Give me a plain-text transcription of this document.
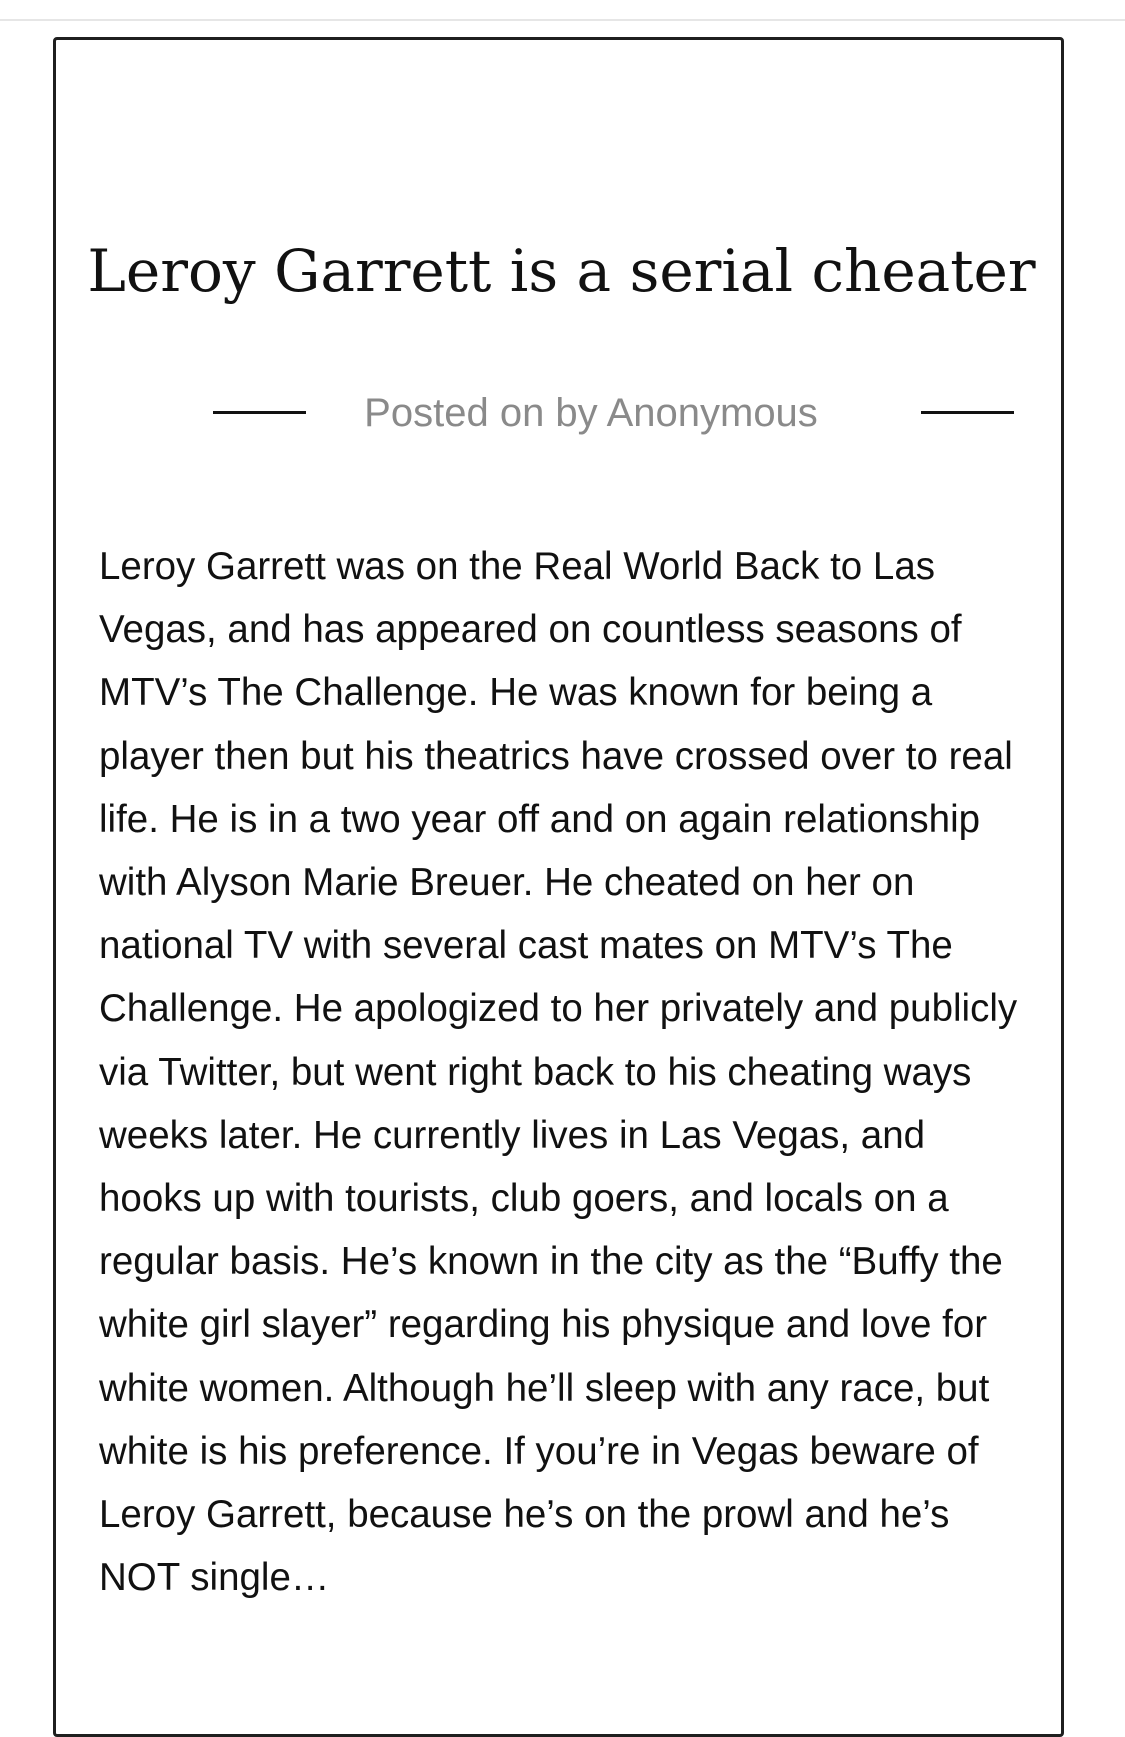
Leroy Garrett is a serial cheater
Posted on by Anonymous

Leroy Garrett was on the Real World Back to Las Vegas, and has appeared on countless seasons of MTV’s The Challenge. He was known for being a player then but his theatrics have crossed over to real life. He is in a two year off and on again relationship with Alyson Marie Breuer. He cheated on her on national TV with several cast mates on MTV’s The Challenge. He apologized to her privately and publicly via Twitter, but went right back to his cheating ways weeks later. He currently lives in Las Vegas, and hooks up with tourists, club goers, and locals on a regular basis. He’s known in the city as the “Buffy the white girl slayer” regarding his physique and love for white women. Although he’ll sleep with any race, but white is his preference. If you’re in Vegas beware of Leroy Garrett, because he’s on the prowl and he’s NOT single…
